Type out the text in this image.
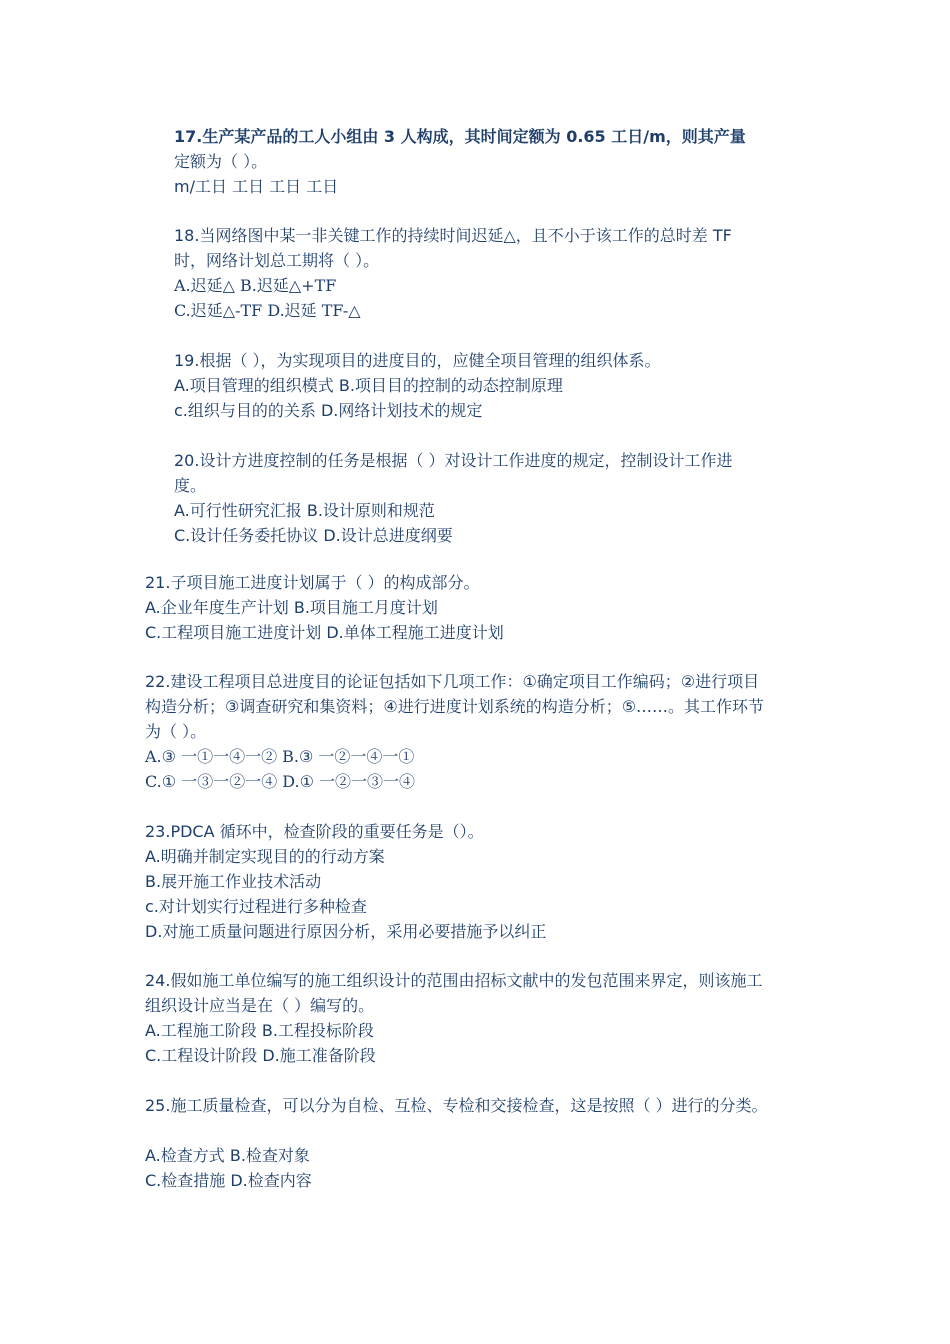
17.生产某产品的工人小组由 3 人构成，其时间定额为 0.65 工日/m，则其产量
定额为（ ）。
m/工日 工日 工日 工日
18.当网络图中某一非关键工作的持续时间迟延△，且不小于该工作的总时差 TF
时，网络计划总工期将（ ）。
A.迟延△ B.迟延△+TF
C.迟延△-TF D.迟延 TF-△
19.根据（ ），为实现项目的进度目的，应健全项目管理的组织体系。
A.项目管理的组织模式 B.项目目的控制的动态控制原理
c.组织与目的的关系 D.网络计划技术的规定
20.设计方进度控制的任务是根据（ ）对设计工作进度的规定，控制设计工作进
度。
A.可行性研究汇报 B.设计原则和规范
C.设计任务委托协议 D.设计总进度纲要
21.子项目施工进度计划属于（ ）的构成部分。
A.企业年度生产计划 B.项目施工月度计划
C.工程项目施工进度计划 D.单体工程施工进度计划
22.建设工程项目总进度目的论证包括如下几项工作：①确定项目工作编码；②进行项目
构造分析；③调查研究和集资料；④进行进度计划系统的构造分析；⑤……。其工作环节
为（ ）。
A.③ 一①一④一② B.③ 一②一④一①
C.① 一③一②一④ D.① 一②一③一④
23.PDCA 循环中，检查阶段的重要任务是（）。
A.明确并制定实现目的的行动方案
B.展开施工作业技术活动
c.对计划实行过程进行多种检查
D.对施工质量问题进行原因分析，采用必要措施予以纠正
24.假如施工单位编写的施工组织设计的范围由招标文献中的发包范围来界定，则该施工
组织设计应当是在（ ）编写的。
A.工程施工阶段 B.工程投标阶段
C.工程设计阶段 D.施工准备阶段
25.施工质量检查，可以分为自检、互检、专检和交接检查，这是按照（ ）进行的分类。
A.检查方式 B.检查对象
C.检查措施 D.检查内容
